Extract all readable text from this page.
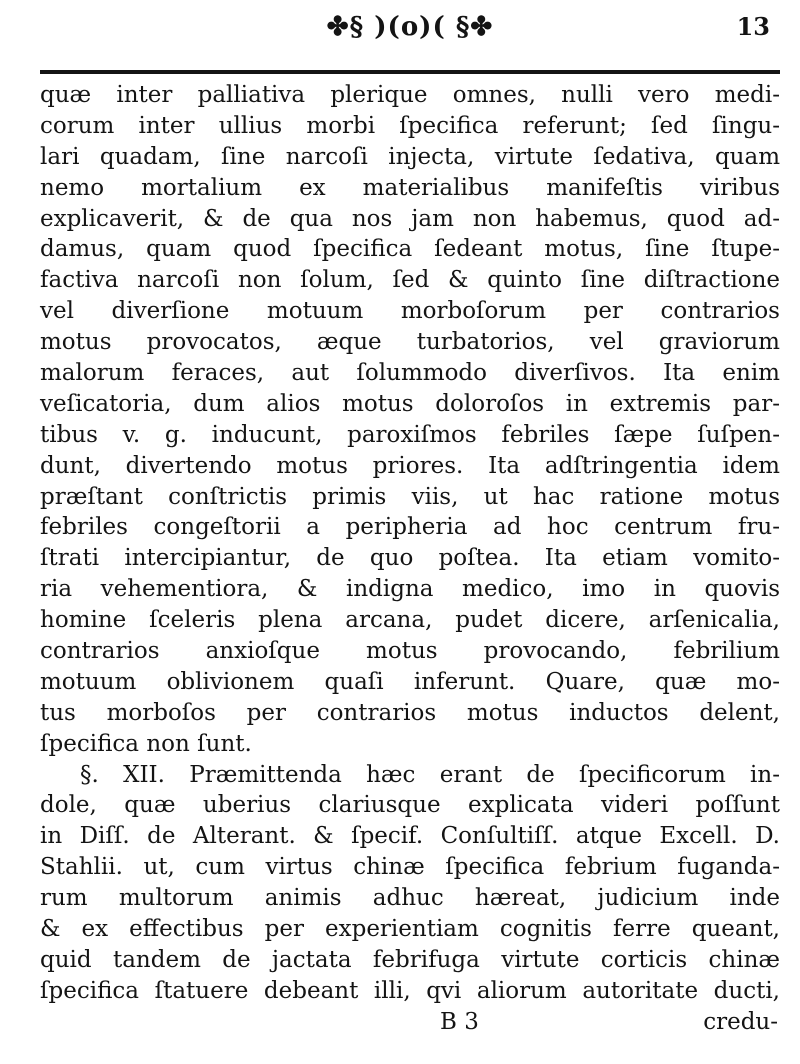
✤§ )(o)( §✤	13
quæ inter palliativa plerique omnes, nulli vero medi-
corum inter ullius morbi ſpecifica referunt; ſed ſingu-
lari quadam, ſine narcoſi injecta, virtute ſedativa, quam
nemo mortalium ex materialibus manifeſtis viribus
explicaverit, & de qua nos jam non habemus, quod ad-
damus, quam quod ſpecifica ſedeant motus, ſine ſtupe-
factiva narcoſi non ſolum, ſed & quinto ſine diſtractione
vel diverſione motuum morboſorum per contrarios
motus provocatos, æque turbatorios, vel graviorum
malorum feraces, aut ſolummodo diverſivos. Ita enim
veſicatoria, dum alios motus doloroſos in extremis par-
tibus v. g. inducunt, paroxiſmos febriles ſæpe ſuſpen-
dunt, divertendo motus priores. Ita adſtringentia idem
præſtant conſtrictis primis viis, ut hac ratione motus
febriles congeſtorii a peripheria ad hoc centrum fru-
ſtrati intercipiantur, de quo poſtea. Ita etiam vomito-
ria vehementiora, & indigna medico, imo in quovis
homine ſceleris plena arcana, pudet dicere, arſenicalia,
contrarios anxioſque motus provocando, febrilium
motuum oblivionem quaſi inferunt. Quare, quæ mo-
tus morboſos per contrarios motus inductos delent,
ſpecifica non ſunt.
§. XII. Præmittenda hæc erant de ſpecificorum in-
dole, quæ uberius clariusque explicata videri poſſunt
in Diſſ. de Alterant. & ſpecif. Conſultiſſ. atque Excell. D.
Stahlii. ut, cum virtus chinæ ſpecifica febrium fuganda-
rum multorum animis adhuc hæreat, judicium inde
& ex effectibus per experientiam cognitis ferre queant,
quid tandem de jactata febrifuga virtute corticis chinæ
ſpecifica ſtatuere debeant illi, qvi aliorum autoritate ducti,
B 3	credu-
